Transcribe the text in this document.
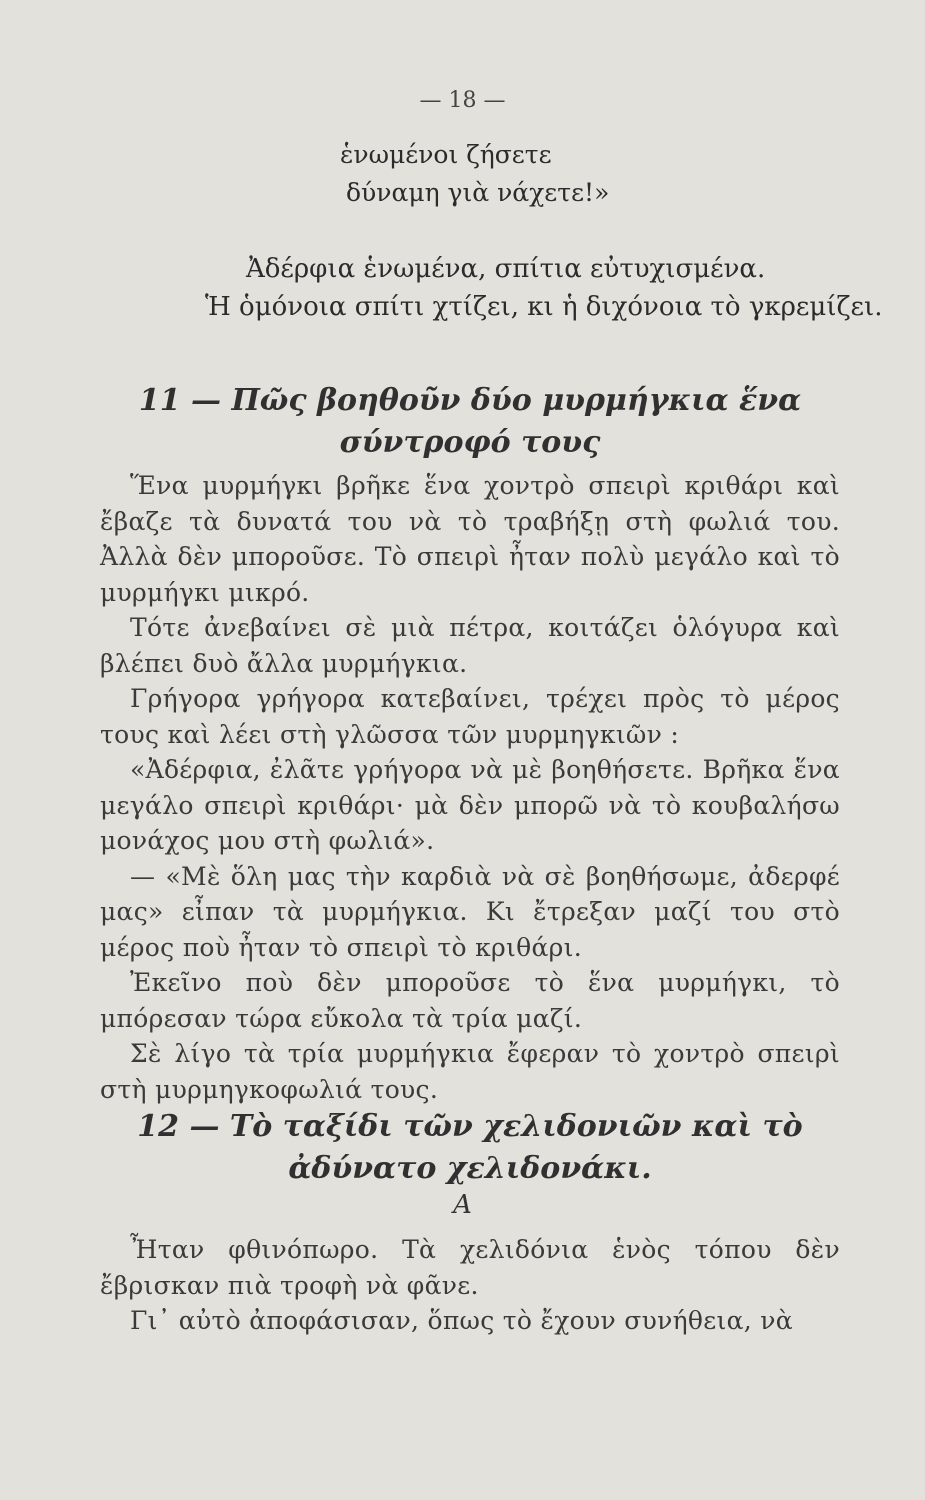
— 18 —
ἑνωμένοι ζήσετε
δύναμη γιὰ νάχετε!»
Ἀδέρφια ἑνωμένα, σπίτια εὐτυχισμένα.
Ἡ ὁμόνοια σπίτι χτίζει, κι ἡ διχόνοια τὸ γκρεμίζει.
11 — Πῶς βοηθοῦν δύο μυρμήγκια ἕνα σύντροφό τους

Ἕνα μυρμήγκι βρῆκε ἕνα χοντρὸ σπειρὶ κριθάρι καὶ ἔβαζε τὰ δυνατά του νὰ τὸ τραβήξῃ στὴ φωλιά του. Ἀλλὰ δὲν μποροῦσε. Τὸ σπειρὶ ἦταν πολὺ μεγάλο καὶ τὸ μυρμήγκι μικρό.

Τότε ἀνεβαίνει σὲ μιὰ πέτρα, κοιτάζει ὁλόγυρα καὶ βλέπει δυὸ ἄλλα μυρμήγκια.

Γρήγορα γρήγορα κατεβαίνει, τρέχει πρὸς τὸ μέρος τους καὶ λέει στὴ γλῶσσα τῶν μυρμηγκιῶν :

«Ἀδέρφια, ἐλᾶτε γρήγορα νὰ μὲ βοηθήσετε. Βρῆκα ἕνα μεγάλο σπειρὶ κριθάρι· μὰ δὲν μπορῶ νὰ τὸ κουβαλήσω μονάχος μου στὴ φωλιά».

— «Μὲ ὅλη μας τὴν καρδιὰ νὰ σὲ βοηθήσωμε, ἀδερφέ μας» εἶπαν τὰ μυρμήγκια. Κι ἔτρεξαν μαζί του στὸ μέρος ποὺ ἦταν τὸ σπειρὶ τὸ κριθάρι.

Ἐκεῖνο ποὺ δὲν μποροῦσε τὸ ἕνα μυρμήγκι, τὸ μπόρεσαν τώρα εὔκολα τὰ τρία μαζί.

Σὲ λίγο τὰ τρία μυρμήγκια ἔφεραν τὸ χοντρὸ σπειρὶ στὴ μυρμηγκοφωλιά τους.

12 — Τὸ ταξίδι τῶν χελιδονιῶν καὶ τὸ ἀδύνατο χελιδονάκι.
Α

Ἦταν φθινόπωρο. Τὰ χελιδόνια ἑνὸς τόπου δὲν ἔβρισκαν πιὰ τροφὴ νὰ φᾶνε.

Γι᾽ αὐτὸ ἀποφάσισαν, ὅπως τὸ ἔχουν συνήθεια, νὰ
